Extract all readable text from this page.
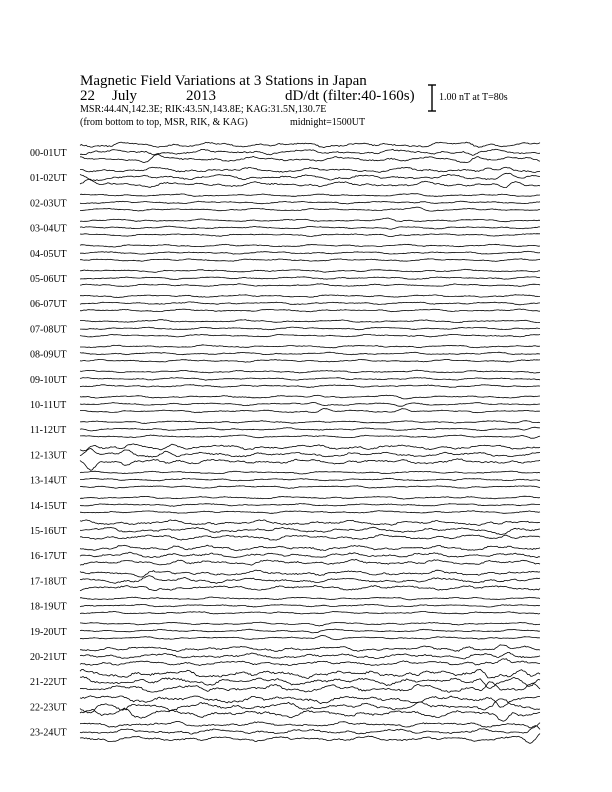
Magnetic Field Variations at 3 Stations in Japan
22 July	2013	dD/dt (filter:40-160s)
MSR:44.4N,142.3E; RIK:43.5N,143.8E; KAG:31.5N,130.7E
(from bottom to top, MSR, RIK, & KAG)	midnight=1500UT
1.00 nT at T=80s
00-01UT
01-02UT
02-03UT
03-04UT
04-05UT
05-06UT
06-07UT
07-08UT
08-09UT
09-10UT
10-11UT
11-12UT
12-13UT
13-14UT
14-15UT
15-16UT
16-17UT
17-18UT
18-19UT
19-20UT
20-21UT
21-22UT
22-23UT
23-24UT
